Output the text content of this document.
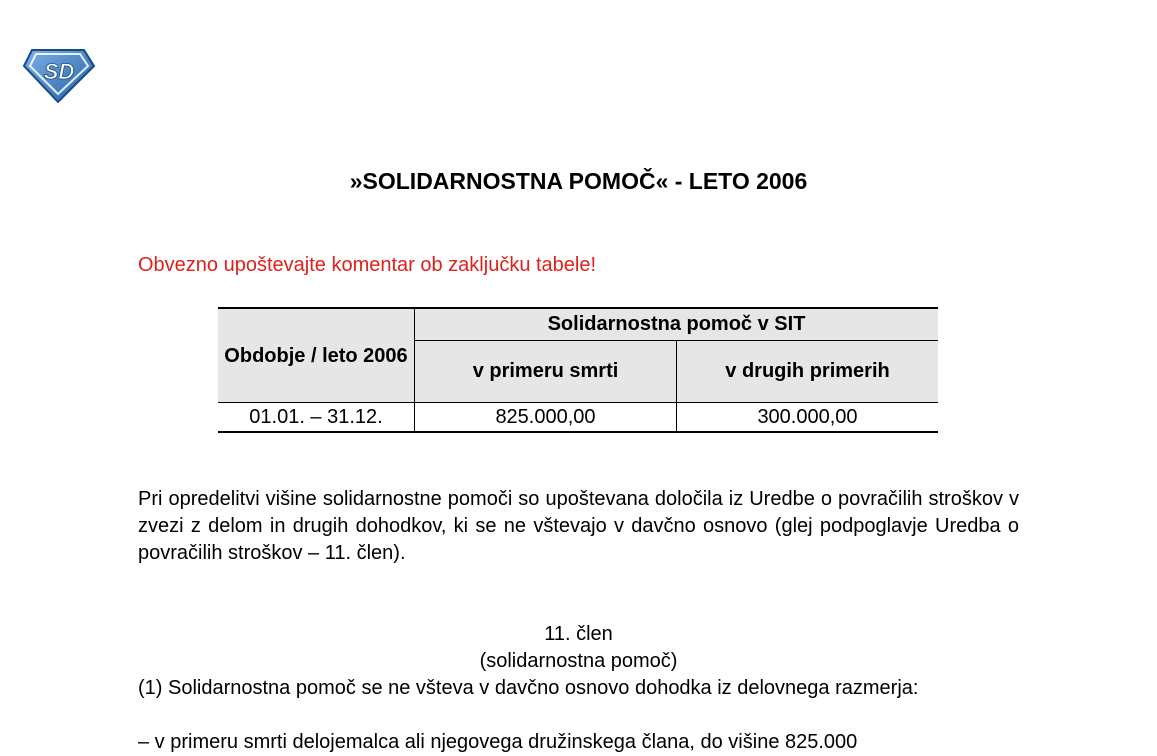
SD
»SOLIDARNOSTNA POMOČ« - LETO 2006
Obvezno upoštevajte komentar ob zaključku tabele!
Obdobje / leto 2006	Solidarnostna pomoč v SIT	
	v primeru smrti	v drugih primerih
01.01. – 31.12.	825.000,00	300.000,00

Pri opredelitvi višine solidarnostne pomoči so upoštevana določila iz Uredbe o povračilih stroškov v zvezi z delom in drugih dohodkov, ki se ne vštevajo v davčno osnovo (glej podpoglavje Uredba o povračilih stroškov – 11. člen).

11. člen

(solidarnostna pomoč)

(1) Solidarnostna pomoč se ne všteva v davčno osnovo dohodka iz delovnega razmerja:

– v primeru smrti delojemalca ali njegovega družinskega člana, do višine 825.000
